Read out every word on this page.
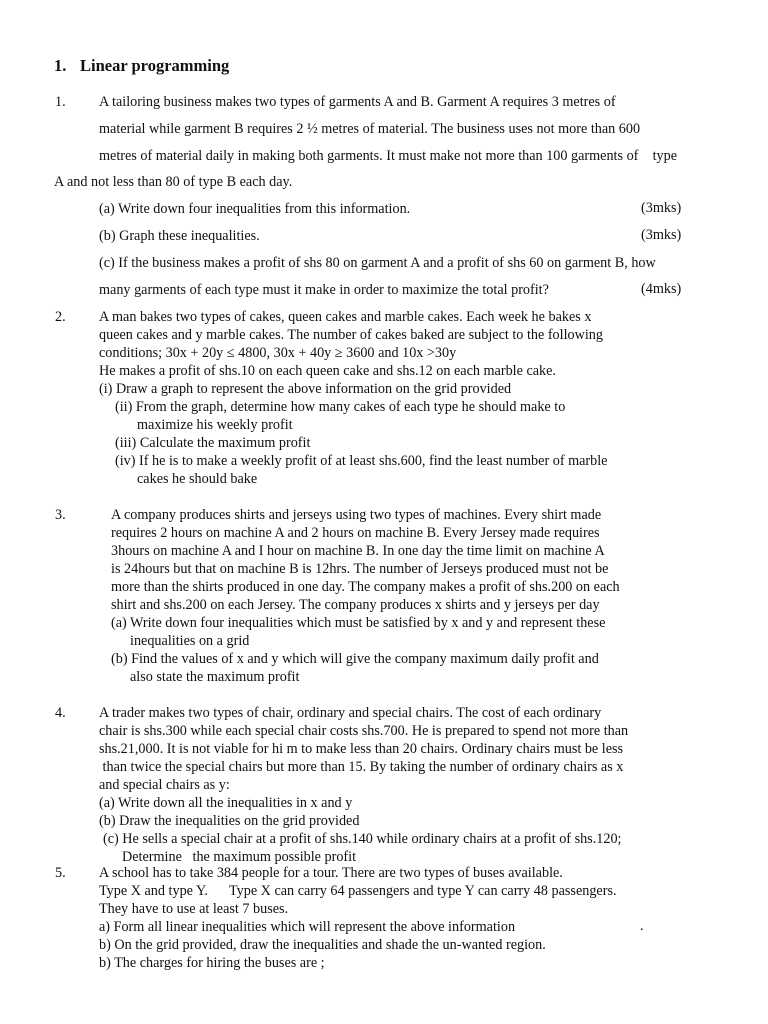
1. Linear programming
1. A tailoring business makes two types of garments A and B. Garment A requires 3 metres of
material while garment B requires 2 ½ metres of material. The business uses not more than 600
metres of material daily in making both garments. It must make not more than 100 garments of    type
A and not less than 80 of type B each day.
(a) Write down four inequalities from this information.	(3mks)
(b) Graph these inequalities.	(3mks)
(c) If the business makes a profit of shs 80 on garment A and a profit of shs 60 on garment B, how
many garments of each type must it make in order to maximize the total profit?	(4mks)
2. A man bakes two types of cakes, queen cakes and marble cakes. Each week he bakes x
queen cakes and y marble cakes. The number of cakes baked are subject to the following
conditions; 30x + 20y ≤ 4800, 30x + 40y ≥ 3600 and 10x >30y
He makes a profit of shs.10 on each queen cake and shs.12 on each marble cake.
(i) Draw a graph to represent the above information on the grid provided
(ii) From the graph, determine how many cakes of each type he should make to
maximize his weekly profit
(iii) Calculate the maximum profit
(iv) If he is to make a weekly profit of at least shs.600, find the least number of marble
cakes he should bake
3.	A company produces shirts and jerseys using two types of machines. Every shirt made
requires 2 hours on machine A and 2 hours on machine B. Every Jersey made requires
3hours on machine A and I hour on machine B. In one day the time limit on machine A
is 24hours but that on machine B is 12hrs. The number of Jerseys produced must not be
more than the shirts produced in one day. The company makes a profit of shs.200 on each
shirt and shs.200 on each Jersey. The company produces x shirts and y jerseys per day
(a) Write down four inequalities which must be satisfied by x and y and represent these
inequalities on a grid
(b) Find the values of x and y which will give the company maximum daily profit and
also state the maximum profit
4. A trader makes two types of chair, ordinary and special chairs. The cost of each ordinary
chair is shs.300 while each special chair costs shs.700. He is prepared to spend not more than
shs.21,000. It is not viable for hi m to make less than 20 chairs. Ordinary chairs must be less
than twice the special chairs but more than 15. By taking the number of ordinary chairs as x
and special chairs as y:
(a) Write down all the inequalities in x and y
(b) Draw the inequalities on the grid provided
(c) He sells a special chair at a profit of shs.140 while ordinary chairs at a profit of shs.120;
Determine   the maximum possible profit
5. A school has to take 384 people for a tour. There are two types of buses available.
Type X and type Y.      Type X can carry 64 passengers and type Y can carry 48 passengers.
They have to use at least 7 buses.
a) Form all linear inequalities which will represent the above information	.
b) On the grid provided, draw the inequalities and shade the un-wanted region.
b) The charges for hiring the buses are ;
